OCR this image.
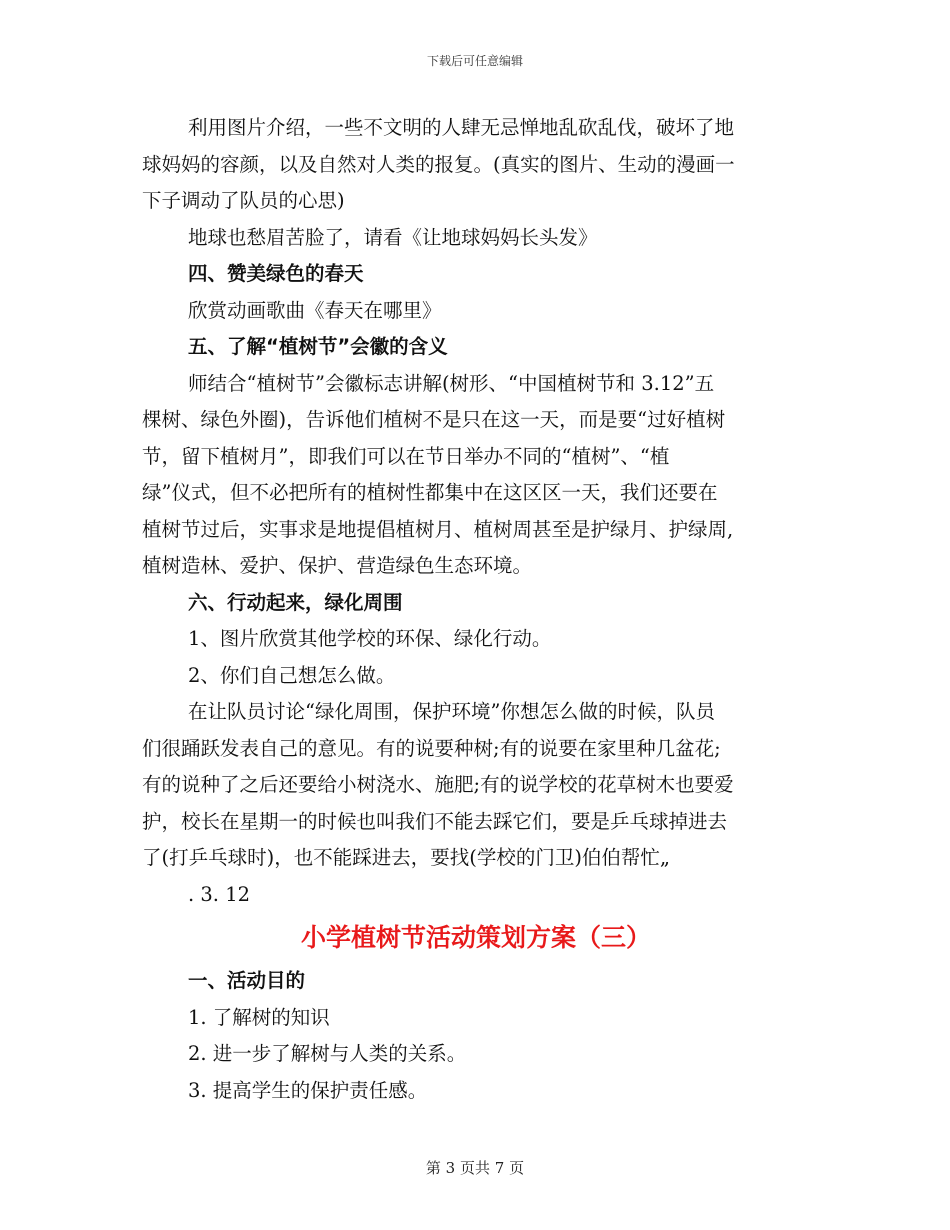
下载后可任意编辑
利用图片介绍，一些不文明的人肆无忌惮地乱砍乱伐，破坏了地
球妈妈的容颜，以及自然对人类的报复。(真实的图片、生动的漫画一
下子调动了队员的心思)
地球也愁眉苦脸了，请看《让地球妈妈长头发》
四、赞美绿色的春天
欣赏动画歌曲《春天在哪里》
五、了解“植树节”会徽的含义
师结合“植树节”会徽标志讲解(树形、“中国植树节和 3.12”五
棵树、绿色外圈)，告诉他们植树不是只在这一天，而是要“过好植树
节，留下植树月”，即我们可以在节日举办不同的“植树”、“植
绿”仪式，但不必把所有的植树性都集中在这区区一天，我们还要在
植树节过后，实事求是地提倡植树月、植树周甚至是护绿月、护绿周,
植树造林、爱护、保护、营造绿色生态环境。
六、行动起来，绿化周围
1、图片欣赏其他学校的环保、绿化行动。
2、你们自己想怎么做。
在让队员讨论“绿化周围，保护环境”你想怎么做的时候，队员
们很踊跃发表自己的意见。有的说要种树;有的说要在家里种几盆花;
有的说种了之后还要给小树浇水、施肥;有的说学校的花草树木也要爱
护，校长在星期一的时候也叫我们不能去踩它们，要是乒乓球掉进去
了(打乒乓球时)，也不能踩进去，要找(学校的门卫)伯伯帮忙„
. 3. 12
小学植树节活动策划方案（三）
一、活动目的
1. 了解树的知识
2. 进一步了解树与人类的关系。
3. 提高学生的保护责任感。
第 3 页共 7 页
